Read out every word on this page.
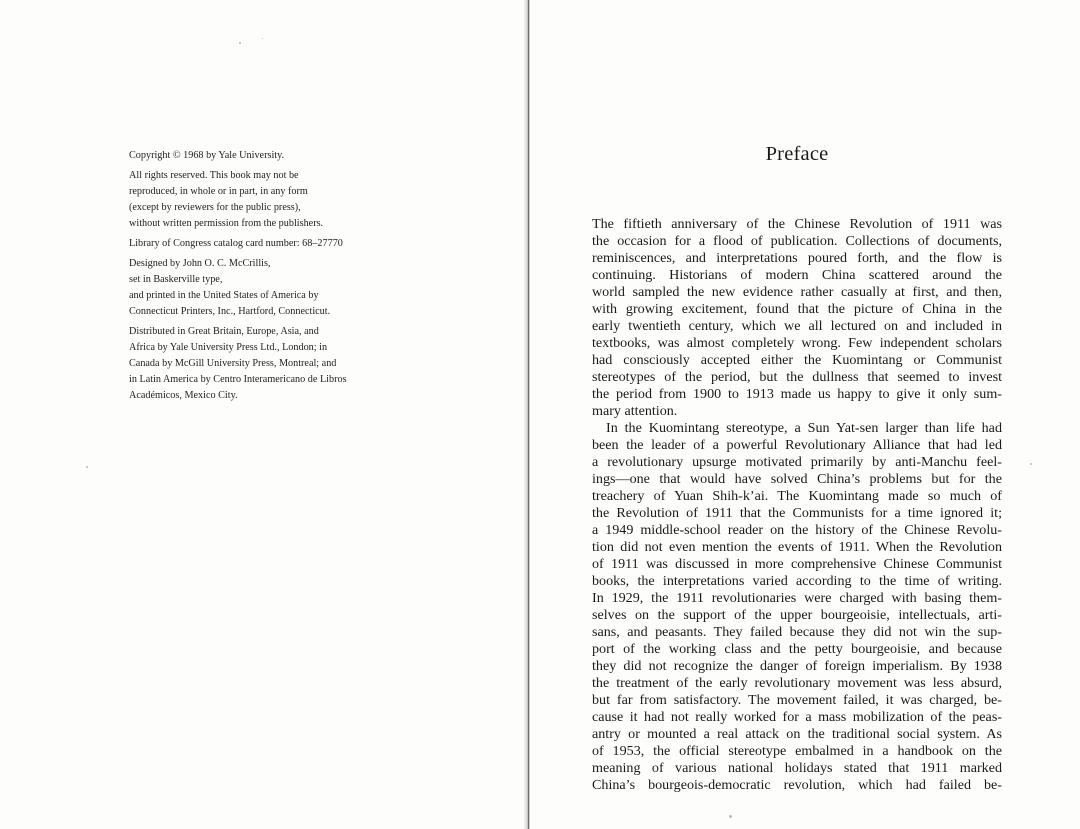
Copyright © 1968 by Yale University.
All rights reserved. This book may not be
reproduced, in whole or in part, in any form
(except by reviewers for the public press),
without written permission from the publishers.
Library of Congress catalog card number: 68–27770
Designed by John O. C. McCrillis,
set in Baskerville type,
and printed in the United States of America by
Connecticut Printers, Inc., Hartford, Connecticut.
Distributed in Great Britain, Europe, Asia, and
Africa by Yale University Press Ltd., London; in
Canada by McGill University Press, Montreal; and
in Latin America by Centro Interamericano de Libros
Académicos, Mexico City.
Preface
The fiftieth anniversary of the Chinese Revolution of 1911 was
the occasion for a flood of publication. Collections of documents,
reminiscences, and interpretations poured forth, and the flow is
continuing. Historians of modern China scattered around the
world sampled the new evidence rather casually at first, and then,
with growing excitement, found that the picture of China in the
early twentieth century, which we all lectured on and included in
textbooks, was almost completely wrong. Few independent scholars
had consciously accepted either the Kuomintang or Communist
stereotypes of the period, but the dullness that seemed to invest
the period from 1900 to 1913 made us happy to give it only sum-
mary attention.
In the Kuomintang stereotype, a Sun Yat-sen larger than life had
been the leader of a powerful Revolutionary Alliance that had led
a revolutionary upsurge motivated primarily by anti-Manchu feel-
ings—one that would have solved China’s problems but for the
treachery of Yuan Shih-k’ai. The Kuomintang made so much of
the Revolution of 1911 that the Communists for a time ignored it;
a 1949 middle-school reader on the history of the Chinese Revolu-
tion did not even mention the events of 1911. When the Revolution
of 1911 was discussed in more comprehensive Chinese Communist
books, the interpretations varied according to the time of writing.
In 1929, the 1911 revolutionaries were charged with basing them-
selves on the support of the upper bourgeoisie, intellectuals, arti-
sans, and peasants. They failed because they did not win the sup-
port of the working class and the petty bourgeoisie, and because
they did not recognize the danger of foreign imperialism. By 1938
the treatment of the early revolutionary movement was less absurd,
but far from satisfactory. The movement failed, it was charged, be-
cause it had not really worked for a mass mobilization of the peas-
antry or mounted a real attack on the traditional social system. As
of 1953, the official stereotype embalmed in a handbook on the
meaning of various national holidays stated that 1911 marked
China’s bourgeois-democratic revolution, which had failed be-
